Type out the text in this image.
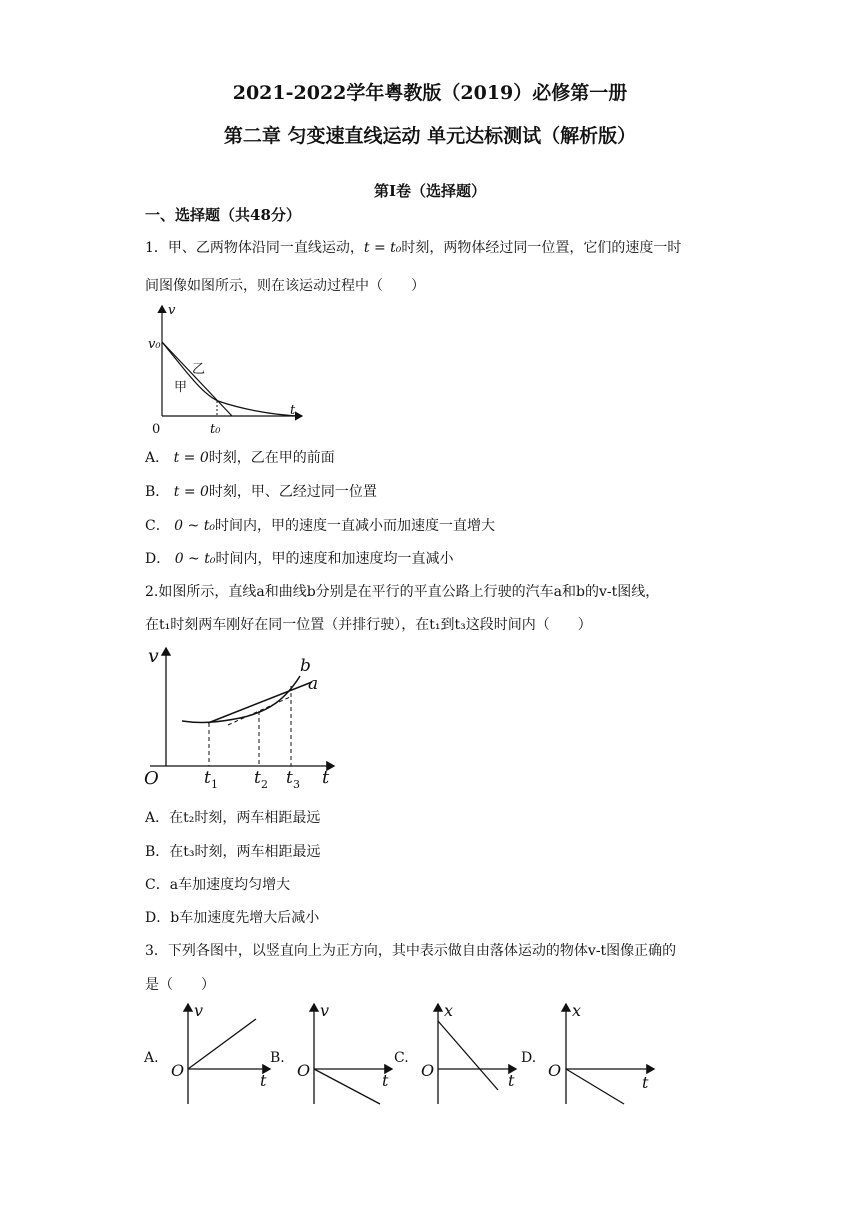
2021-2022学年粤教版（2019）必修第一册
第二章 匀变速直线运动 单元达标测试（解析版）
第Ⅰ卷（选择题）
一、选择题（共48分）
1．甲、乙两物体沿同一直线运动，t = t₀时刻，两物体经过同一位置，它们的速度一时
间图像如图所示，则在该运动过程中（　　）
v
t
0
v₀
t₀
乙
甲
A． t = 0时刻，乙在甲的前面
B． t = 0时刻，甲、乙经过同一位置
C． 0 ~ t₀时间内，甲的速度一直减小而加速度一直增大
D． 0 ~ t₀时间内，甲的速度和加速度均一直减小
2.如图所示，直线a和曲线b分别是在平行的平直公路上行驶的汽车a和b的v-t图线，
在t₁时刻两车刚好在同一位置（并排行驶），在t₁到t₃这段时间内（　　）
v
t
O
b
a
t 1 t 2 t 3
A．在t₂时刻，两车相距最远
B．在t₃时刻，两车相距最远
C．a车加速度均匀增大
D．b车加速度先增大后减小
3．下列各图中，以竖直向上为正方向，其中表示做自由落体运动的物体v-t图像正确的
是（　　）
A.
v
t
O
B.
v
t
O
C.
x
t
O
D.
x
t
O
